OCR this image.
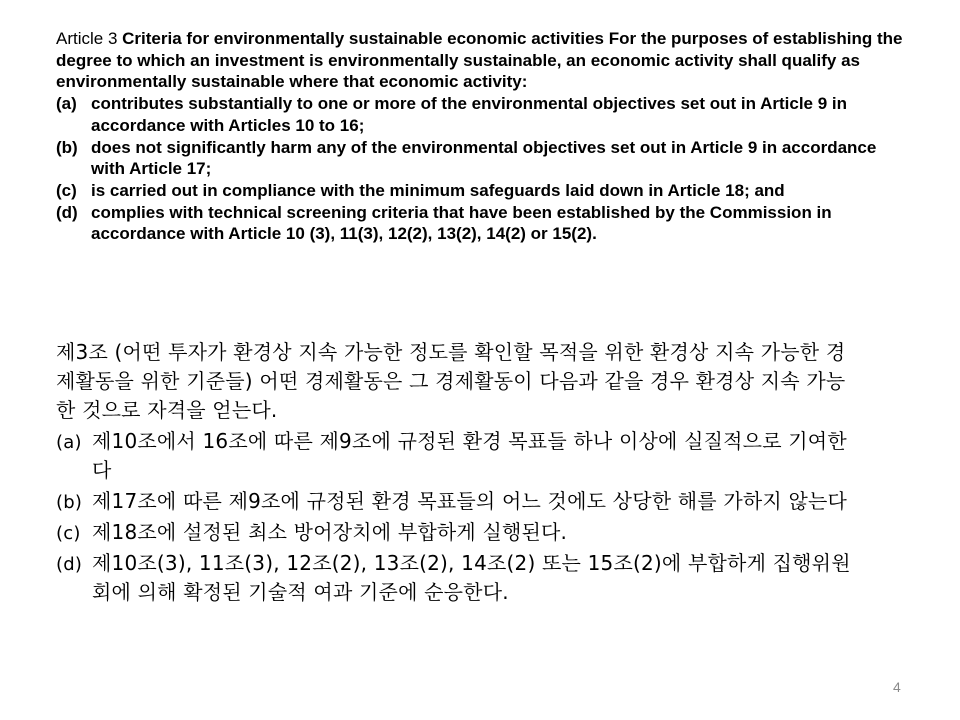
Article 3 Criteria for environmentally sustainable economic activities For the purposes of establishing the degree to which an investment is environmentally sustainable, an economic activity shall qualify as environmentally sustainable where that economic activity:

(a) contributes substantially to one or more of the environmental objectives set out in Article 9 in accordance with Articles 10 to 16;

(b) does not significantly harm any of the environmental objectives set out in Article 9 in accordance with Article 17;

(c) is carried out in compliance with the minimum safeguards laid down in Article 18; and

(d) complies with technical screening criteria that have been established by the Commission in accordance with Article 10 (3), 11(3), 12(2), 13(2), 14(2) or 15(2).

제3조 (어떤 투자가 환경상 지속 가능한 정도를 확인할 목적을 위한 환경상 지속 가능한 경제활동을 위한 기준들) 어떤 경제활동은 그 경제활동이 다음과 같을 경우 환경상 지속 가능한 것으로 자격을 얻는다.

(a) 제10조에서 16조에 따른 제9조에 규정된 환경 목표들 하나 이상에 실질적으로 기여한다

(b) 제17조에 따른 제9조에 규정된 환경 목표들의 어느 것에도 상당한 해를 가하지 않는다

(c) 제18조에 설정된 최소 방어장치에 부합하게 실행된다.

(d) 제10조(3), 11조(3), 12조(2), 13조(2), 14조(2) 또는 15조(2)에 부합하게 집행위원회에 의해 확정된 기술적 여과 기준에 순응한다.

4
